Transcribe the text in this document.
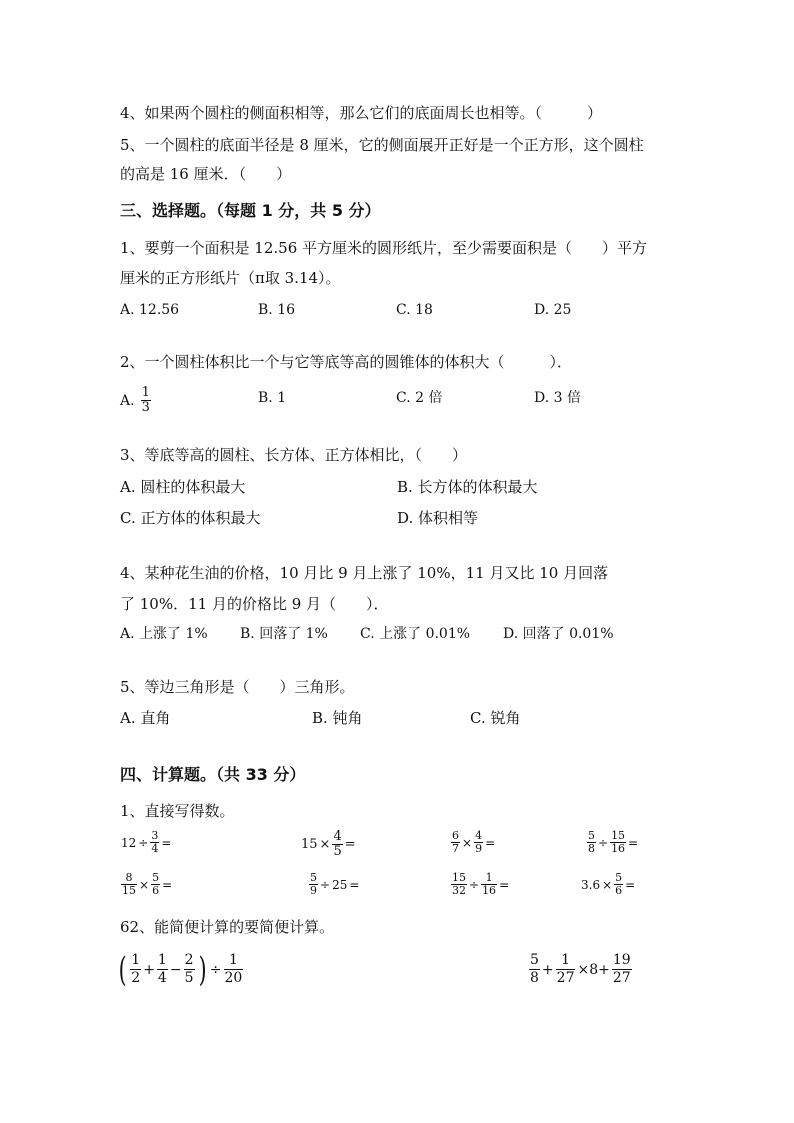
4、如果两个圆柱的侧面积相等，那么它们的底面周长也相等。（　　　）
5、一个圆柱的底面半径是 8 厘米，它的侧面展开正好是一个正方形，这个圆柱
的高是 16 厘米．（　　）
三、选择题。（每题 1 分，共 5 分）
1、要剪一个面积是 12.56 平方厘米的圆形纸片，至少需要面积是（　　）平方
厘米的正方形纸片（π取 3.14）。
A. 12.56	B. 16	C. 18	D. 25
2、一个圆柱体积比一个与它等底等高的圆锥体的体积大（　　　）．
A. $\frac{1}{3}$	B. 1	C. 2 倍	D. 3 倍
3、等底等高的圆柱、长方体、正方体相比，（　　）
A. 圆柱的体积最大	B. 长方体的体积最大
C. 正方体的体积最大	D. 体积相等
4、某种花生油的价格，10 月比 9 月上涨了 10%，11 月又比 10 月回落
了 10%．11 月的价格比 9 月（　　）．
A. 上涨了 1% B. 回落了 1% C. 上涨了 0.01% D. 回落了 0.01%
5、等边三角形是（　　）三角形。
A. 直角	B. 钝角	C. 锐角
四、计算题。（共 33 分）
1、直接写得数。
$12 \div \frac{3}{4}$ =	$15 \times \frac{4}{5}$ =	$\frac{6}{7} \times \frac{4}{9}$ =	$\frac{5}{8} \div \frac{15}{16}$ =
$\frac{8}{15} \times \frac{5}{6}$ =	$\frac{5}{9} \div 25$ =	$\frac{15}{32} \div \frac{1}{16}$ =	$3.6 \times \frac{5}{6}$ =
62、能简便计算的要简便计算。
( $\frac{1}{2} + \frac{1}{4} - \frac{2}{5}$ ) ÷ $\frac{1}{20}$	$\frac{5}{8} + \frac{1}{27} \times 8+ \frac{19}{27}$
